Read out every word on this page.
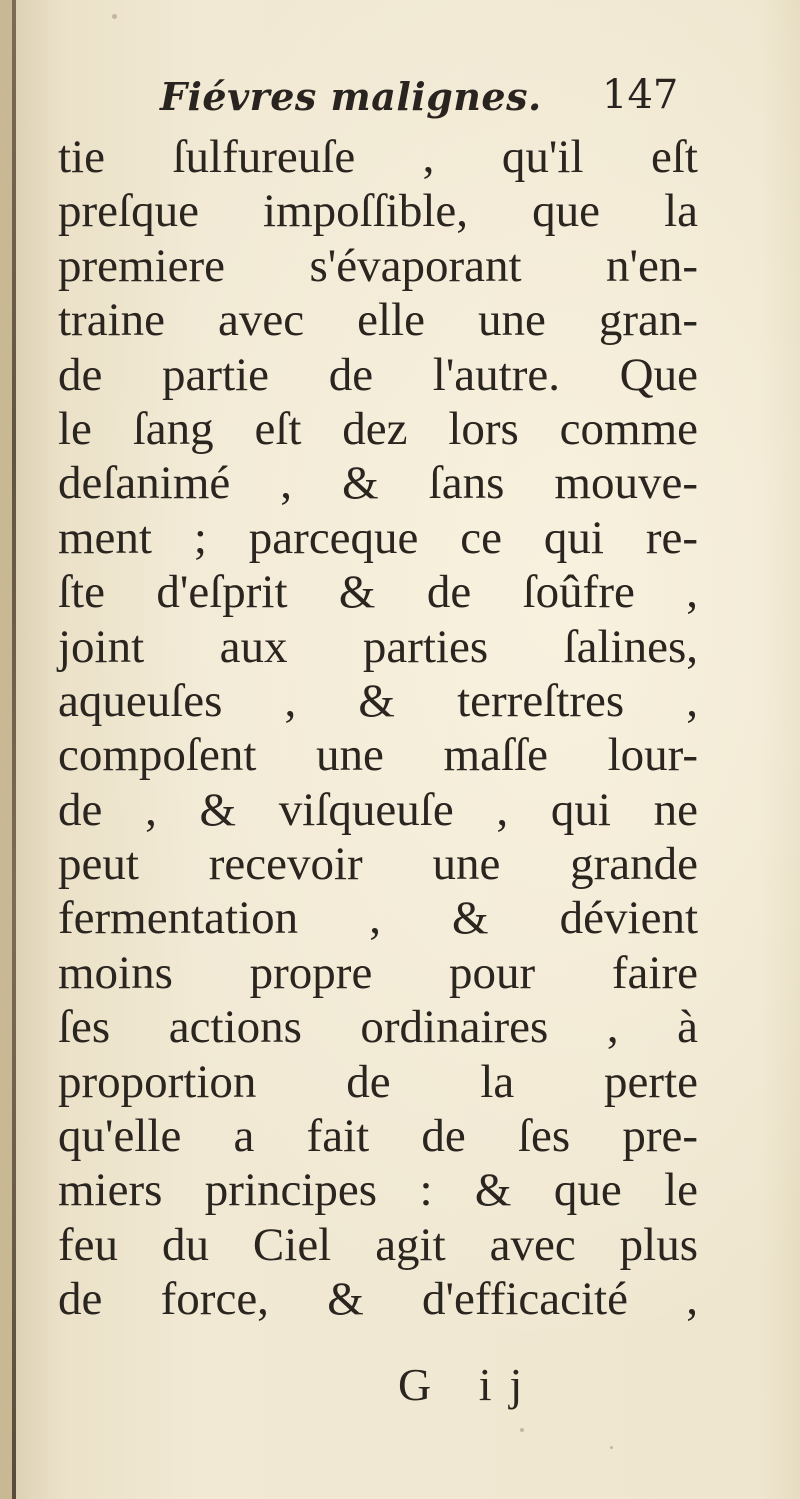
Fiévres malignes. 147
tie ſulfureuſe , qu'il eſt
preſque impoſſible, que la
premiere s'évaporant n'en-
traine avec elle une gran-
de partie de l'autre. Que
le ſang eſt dez lors comme
deſanimé , & ſans mouve-
ment ; parceque ce qui re-
ſte d'eſprit & de ſoûfre ,
joint aux parties ſalines,
aqueuſes , & terreſtres ,
compoſent une maſſe lour-
de , & viſqueuſe , qui ne
peut recevoir une grande
fermentation , & dévient
moins propre pour faire
ſes actions ordinaires , à
proportion de la perte
qu'elle a fait de ſes pre-
miers principes : & que le
feu du Ciel agit avec plus
de force, & d'efficacité ,
G ij
